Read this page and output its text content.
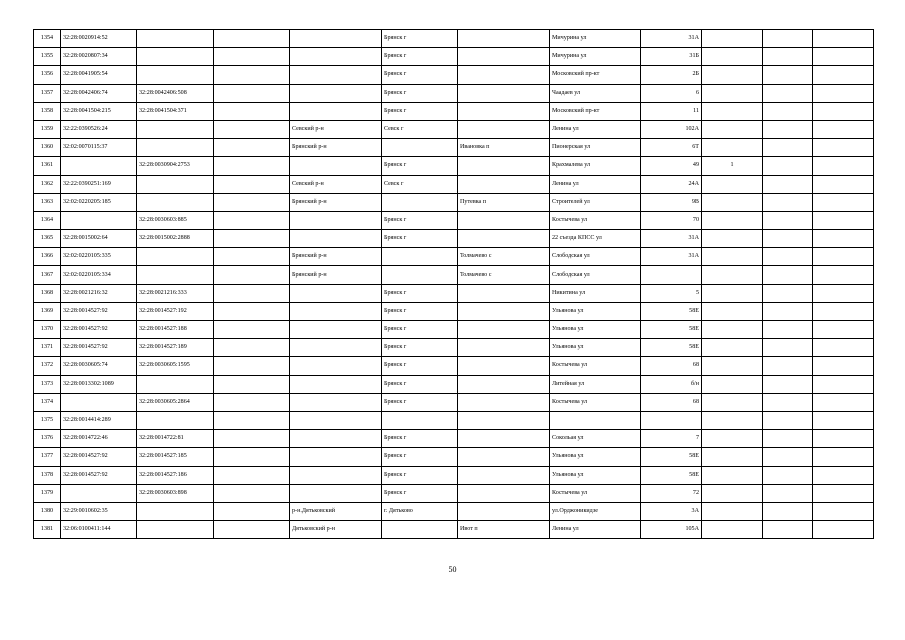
1354	32:28:0020914:52				Брянск г		Мичурина ул	31А			
1355	32:28:0020807:34				Брянск г		Мичурина ул	31Б			
1356	32:28:0041905:54				Брянск г		Московский пр-кт	2Б			
1357	32:28:0042406:74	32:28:0042406:508			Брянск г		Чаадаев ул	6			
1358	32:28:0041504:215	32:28:0041504:371			Брянск г		Московский пр-кт	11			
1359	32:22:0390526:24			Севский р-н	Севск г		Ленина ул	102А			
1360	32:02:0070115:37			Брянский р-н		Ивановка п	Пионерская ул	6Т			
1361		32:28:0030904:2753			Брянск г		Крахмалева ул	49	1		
1362	32:22:0390251:169			Севский р-н	Севск г		Ленина ул	24А			
1363	32:02:0220205:185			Брянский р-н		Путевка п	Строителей ул	9В			
1364		32:28:0030603:885			Брянск г		Костычева ул	70			
1365	32:28:0015002:64	32:28:0015002:2888			Брянск г		22 съезда КПСС ул	31А			
1366	32:02:0220105:335			Брянский р-н		Толмачево с	Слободская ул	31А			
1367	32:02:0220105:334			Брянский р-н		Толмачево с	Слободская ул				
1368	32:28:0021216:32	32:28:0021216:333			Брянск г		Никитина ул	5			
1369	32:28:0014527:92	32:28:0014527:192			Брянск г		Ульянова ул	58Е			
1370	32:28:0014527:92	32:28:0014527:188			Брянск г		Ульянова ул	58Е			
1371	32:28:0014527:92	32:28:0014527:189			Брянск г		Ульянова ул	58Е			
1372	32:28:0030605:74	32:28:0030605:1595			Брянск г		Костычева ул	68			
1373	32:28:0013302:1089				Брянск г		Литейная ул	б/н			
1374		32:28:0030605:2864			Брянск г		Костычева ул	68			
1375	32:28:0014414:289										
1376	32:28:0014722:46	32:28:0014722:81			Брянск г		Сокольая ул	7			
1377	32:28:0014527:92	32:28:0014527:185			Брянск г		Ульянова ул	58Е			
1378	32:28:0014527:92	32:28:0014527:186			Брянск г		Ульянова ул	58Е			
1379		32:28:0030603:898			Брянск г		Костычева ул	72			
1380	32:29:0010602:35			р-н.Дятьковский	г. Дятьково		ул.Орджоникидзе	3А			
1381	32:06:0100411:144			Дятьковский р-н		Ивот п	Ленина ул	105А			
50
